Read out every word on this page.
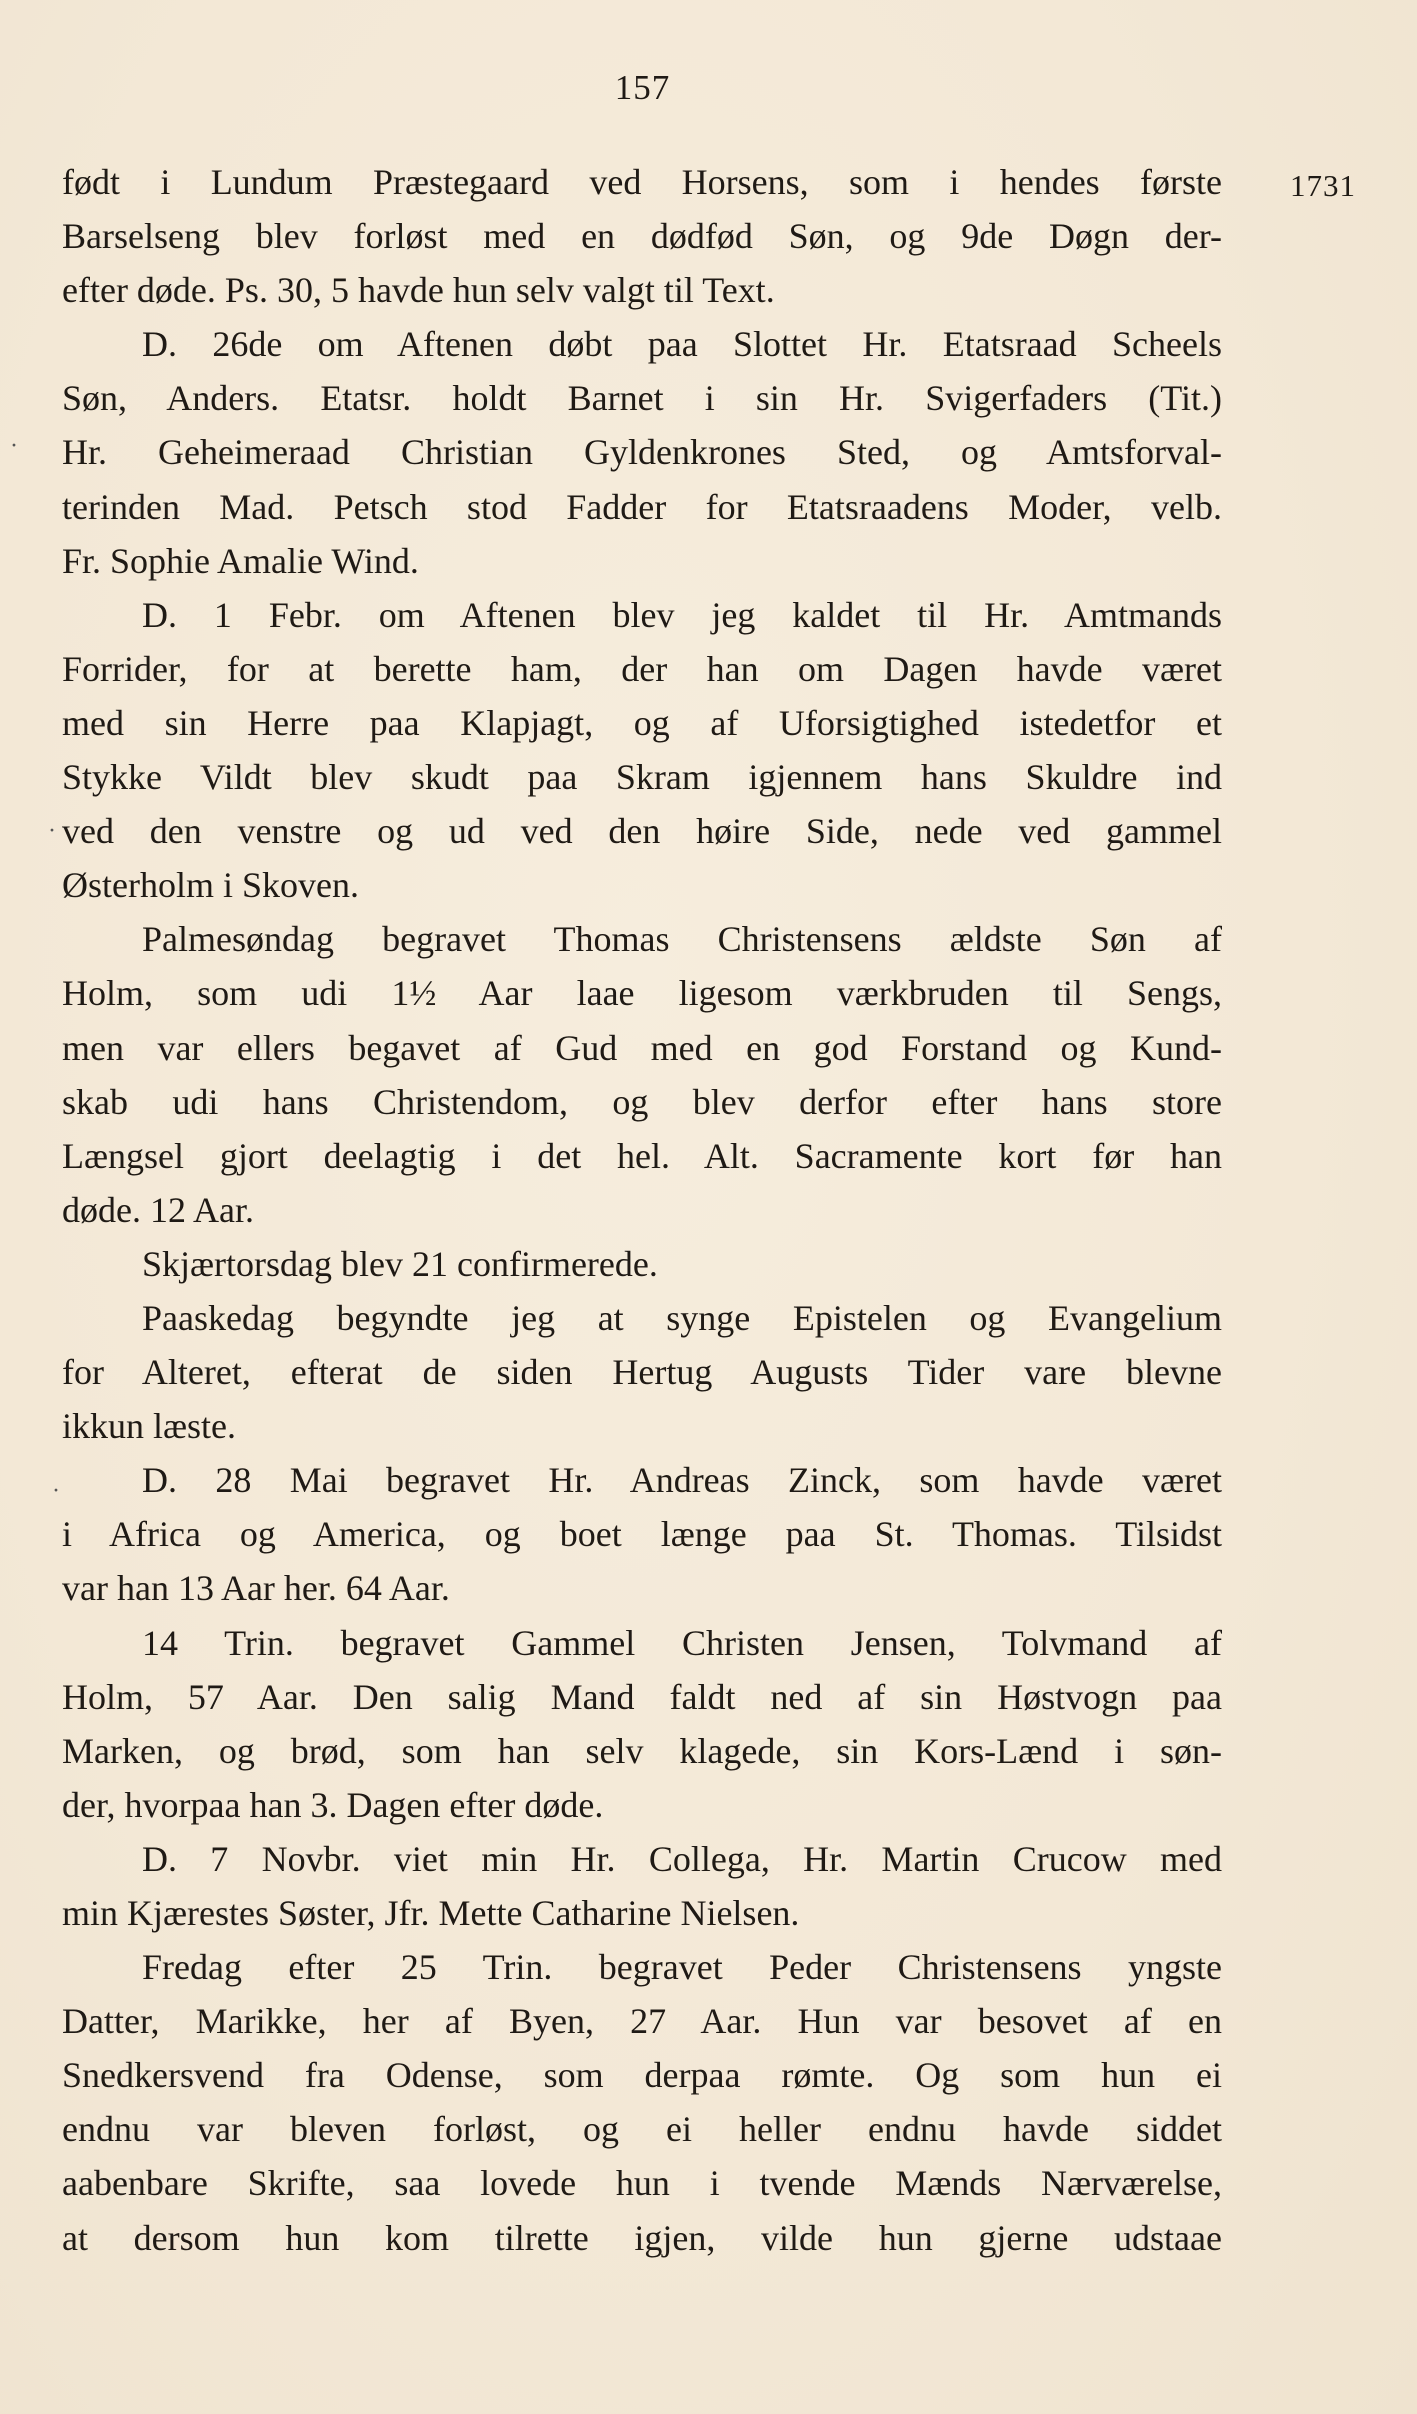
157
1731
født i Lundum Præstegaard ved Horsens, som i hendes første
Barselseng blev forløst med en dødfød Søn, og 9de Døgn der-
efter døde. Ps. 30, 5 havde hun selv valgt til Text.
D. 26de om Aftenen døbt paa Slottet Hr. Etatsraad Scheels
Søn, Anders. Etatsr. holdt Barnet i sin Hr. Svigerfaders (Tit.)
Hr. Geheimeraad Christian Gyldenkrones Sted, og Amtsforval-
terinden Mad. Petsch stod Fadder for Etatsraadens Moder, velb.
Fr. Sophie Amalie Wind.
D. 1 Febr. om Aftenen blev jeg kaldet til Hr. Amtmands
Forrider, for at berette ham, der han om Dagen havde været
med sin Herre paa Klapjagt, og af Uforsigtighed istedetfor et
Stykke Vildt blev skudt paa Skram igjennem hans Skuldre ind
ved den venstre og ud ved den høire Side, nede ved gammel
Østerholm i Skoven.
Palmesøndag begravet Thomas Christensens ældste Søn af
Holm, som udi 1½ Aar laae ligesom værkbruden til Sengs,
men var ellers begavet af Gud med en god Forstand og Kund-
skab udi hans Christendom, og blev derfor efter hans store
Længsel gjort deelagtig i det hel. Alt. Sacramente kort før han
døde. 12 Aar.
Skjærtorsdag blev 21 confirmerede.
Paaskedag begyndte jeg at synge Epistelen og Evangelium
for Alteret, efterat de siden Hertug Augusts Tider vare blevne
ikkun læste.
D. 28 Mai begravet Hr. Andreas Zinck, som havde været
i Africa og America, og boet længe paa St. Thomas. Tilsidst
var han 13 Aar her. 64 Aar.
14 Trin. begravet Gammel Christen Jensen, Tolvmand af
Holm, 57 Aar. Den salig Mand faldt ned af sin Høstvogn paa
Marken, og brød, som han selv klagede, sin Kors-Lænd i søn-
der, hvorpaa han 3. Dagen efter døde.
D. 7 Novbr. viet min Hr. Collega, Hr. Martin Crucow med
min Kjærestes Søster, Jfr. Mette Catharine Nielsen.
Fredag efter 25 Trin. begravet Peder Christensens yngste
Datter, Marikke, her af Byen, 27 Aar. Hun var besovet af en
Snedkersvend fra Odense, som derpaa rømte. Og som hun ei
endnu var bleven forløst, og ei heller endnu havde siddet
aabenbare Skrifte, saa lovede hun i tvende Mænds Nærværelse,
at dersom hun kom tilrette igjen, vilde hun gjerne udstaae
·
·
·
